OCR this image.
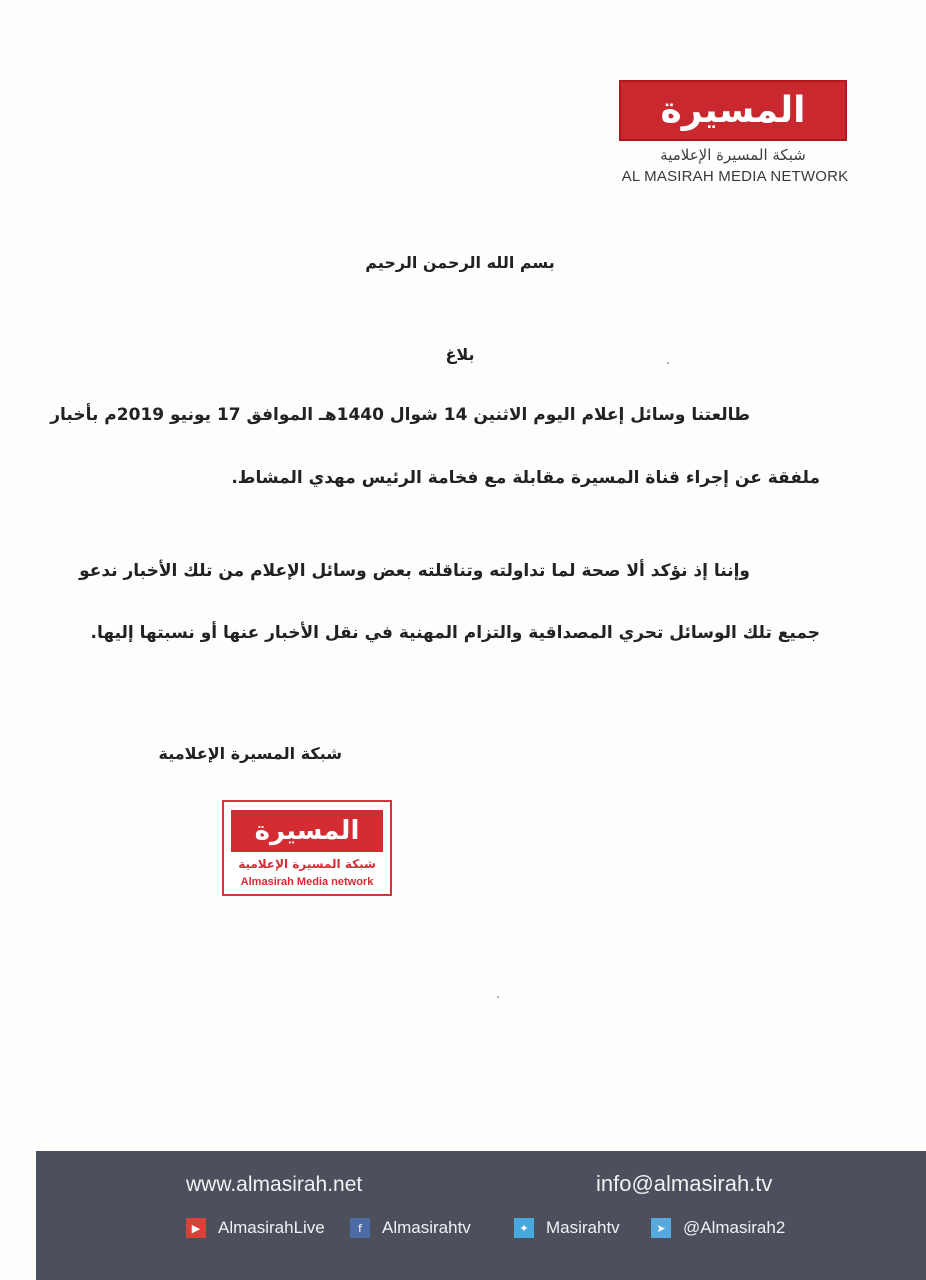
المسيرة
شبكة المسيرة الإعلامية
AL MASIRAH MEDIA NETWORK
بسم الله الرحمن الرحيم
بلاغ
طالعتنا وسائل إعلام اليوم الاثنين 14 شوال 1440هـ الموافق 17 يونيو 2019م بأخبار
ملفقة عن إجراء قناة المسيرة مقابلة مع فخامة الرئيس مهدي المشاط.
وإننا إذ نؤكد ألا صحة لما تداولته وتناقلته بعض وسائل الإعلام من تلك الأخبار ندعو
جميع تلك الوسائل تحري المصداقية والتزام المهنية في نقل الأخبار عنها أو نسبتها إليها.
شبكة المسيرة الإعلامية
المسيرة
شبكة المسيرة الإعلامية
Almasirah Media network
www.almasirah.net	info@almasirah.tv
▶	AlmasirahLive	f	Almasirahtv	✦	Masirahtv	➤	@Almasirah2
